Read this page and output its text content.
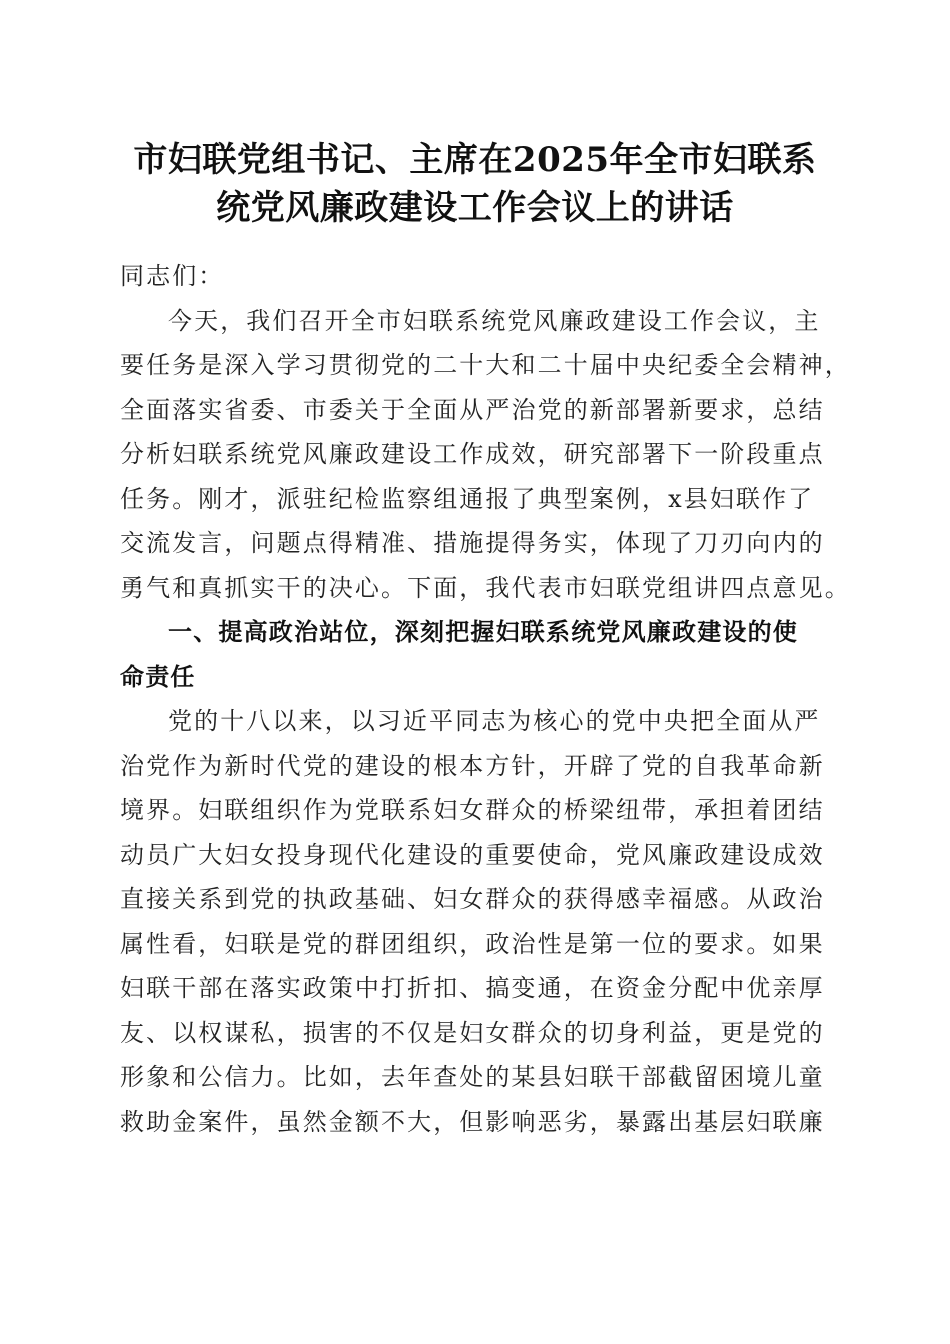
市妇联党组书记、主席在2025年全市妇联系
统党风廉政建设工作会议上的讲话

同志们：

今天，我们召开全市妇联系统党风廉政建设工作会议，主
要任务是深入学习贯彻党的二十大和二十届中央纪委全会精神，
全面落实省委、市委关于全面从严治党的新部署新要求，总结
分析妇联系统党风廉政建设工作成效，研究部署下一阶段重点
任务。刚才，派驻纪检监察组通报了典型案例，x县妇联作了
交流发言，问题点得精准、措施提得务实，体现了刀刃向内的
勇气和真抓实干的决心。下面，我代表市妇联党组讲四点意见。

一、提高政治站位，深刻把握妇联系统党风廉政建设的使
命责任

党的十八以来，以习近平同志为核心的党中央把全面从严
治党作为新时代党的建设的根本方针，开辟了党的自我革命新
境界。妇联组织作为党联系妇女群众的桥梁纽带，承担着团结
动员广大妇女投身现代化建设的重要使命，党风廉政建设成效
直接关系到党的执政基础、妇女群众的获得感幸福感。从政治
属性看，妇联是党的群团组织，政治性是第一位的要求。如果
妇联干部在落实政策中打折扣、搞变通，在资金分配中优亲厚
友、以权谋私，损害的不仅是妇女群众的切身利益，更是党的
形象和公信力。比如，去年查处的某县妇联干部截留困境儿童
救助金案件，虽然金额不大，但影响恶劣，暴露出基层妇联廉
